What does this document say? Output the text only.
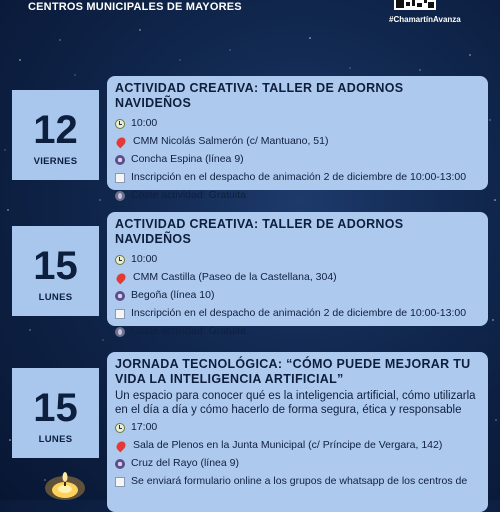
CENTROS MUNICIPALES DE MAYORES
#ChamartínAvanza
12
VIERNES
ACTIVIDAD CREATIVA: TALLER DE ADORNOS NAVIDEÑOS
10:00
CMM Nicolás Salmerón (c/ Mantuano, 51)
Concha Espina (línea 9)
Inscripción en el despacho de animación 2 de diciembre de 10:00-13:00
Coste actividad: Gratuita
15
LUNES
ACTIVIDAD CREATIVA: TALLER DE ADORNOS NAVIDEÑOS
10:00
CMM Castilla (Paseo de la Castellana, 304)
Begoña (línea 10)
Inscripción en el despacho de animación 2 de diciembre de 10:00-13:00
Coste actividad: Gratuita
15
LUNES
JORNADA TECNOLÓGICA: “CÓMO PUEDE MEJORAR TU VIDA LA INTELIGENCIA ARTIFICIAL”
Un espacio para conocer qué es la inteligencia artificial, cómo utilizarla en el día a día y cómo hacerlo de forma segura, ética y responsable
17:00
Sala de Plenos en la Junta Municipal (c/ Príncipe de Vergara, 142)
Cruz del Rayo (línea 9)
Se enviará formulario online a los grupos de whatsapp de los centros de
